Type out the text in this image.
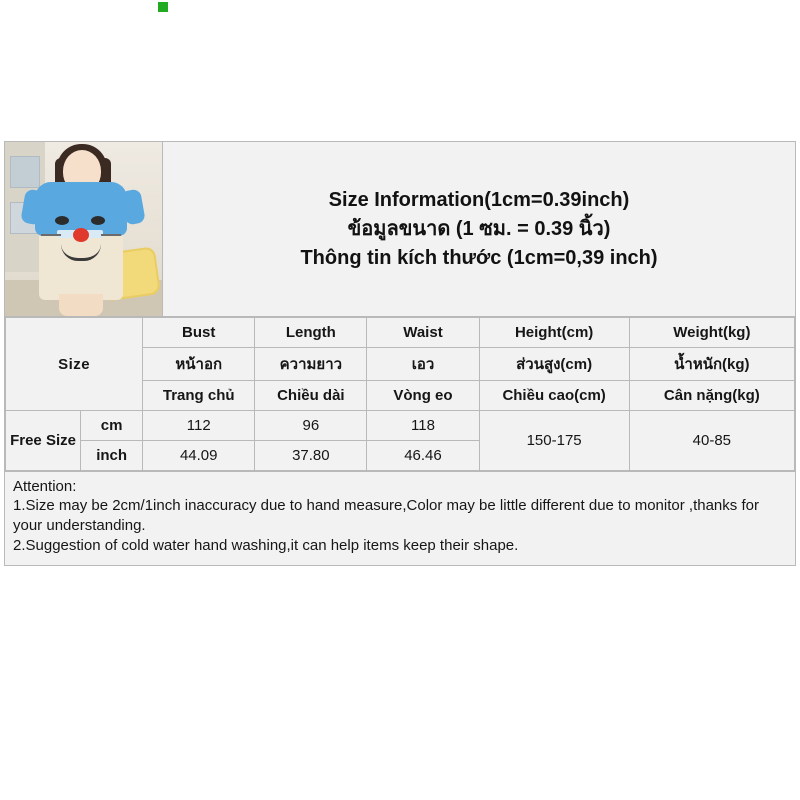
Size Information(1cm=0.39inch)
ข้อมูลขนาด (1 ซม. = 0.39 นิ้ว)
Thông tin kích thước (1cm=0,39 inch)
Size		Bust	Length	Waist	Height(cm)	Weight(kg)
		หน้าอก	ความยาว	เอว	ส่วนสูง(cm)	น้ำหนัก(kg)
		Trang chủ	Chiều dài	Vòng eo	Chiều cao(cm)	Cân nặng(kg)
Free Size	cm	112	96	118	150-175	40-85
	inch	44.09	37.80	46.46		
Attention:
1.Size may be 2cm/1inch inaccuracy due to hand measure,Color may be little different due to monitor ,thanks for your understanding.
2.Suggestion of cold water hand washing,it can help items keep their shape.
